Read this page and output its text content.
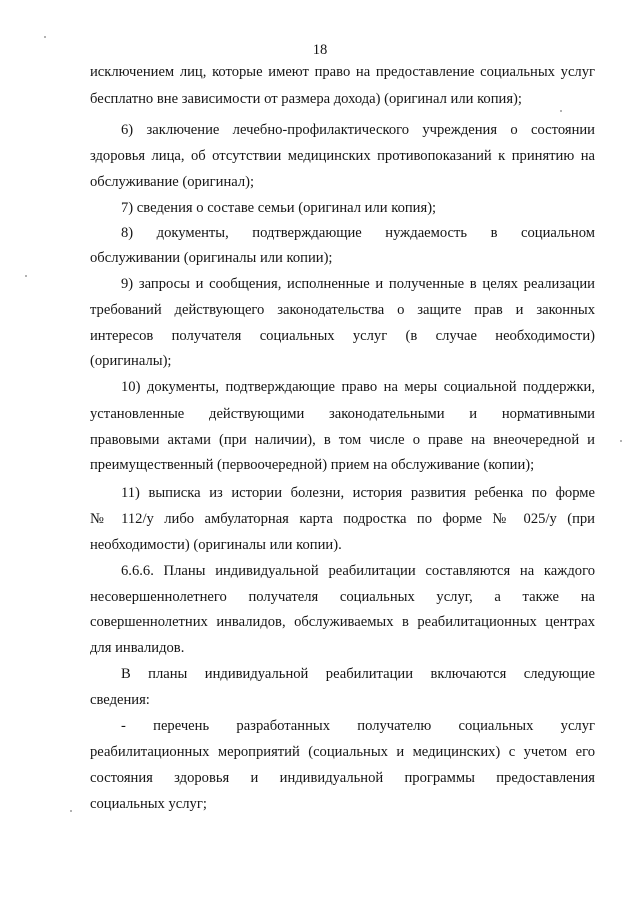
18
исключением лиц, которые имеют право на предоставление социальных услуг
бесплатно вне зависимости от размера дохода) (оригинал или копия);
6) заключение лечебно-профилактического учреждения о состоянии
здоровья лица, об отсутствии медицинских противопоказаний к принятию на
обслуживание (оригинал);
7) сведения о составе семьи (оригинал или копия);
8) документы, подтверждающие нуждаемость в социальном
обслуживании (оригиналы или копии);
9) запросы и сообщения, исполненные и полученные в целях реализации
требований действующего законодательства о защите прав и законных
интересов получателя социальных услуг (в случае необходимости)
(оригиналы);
10) документы, подтверждающие право на меры социальной поддержки,
установленные действующими законодательными и нормативными
правовыми актами (при наличии), в том числе о праве на внеочередной и
преимущественный (первоочередной) прием на обслуживание (копии);
11) выписка из истории болезни, история развития ребенка по форме
№ 112/у либо амбулаторная карта подростка по форме № 025/у (при
необходимости) (оригиналы или копии).
6.6.6. Планы индивидуальной реабилитации составляются на каждого
несовершеннолетнего получателя социальных услуг, а также на
совершеннолетних инвалидов, обслуживаемых в реабилитационных центрах
для инвалидов.
В планы индивидуальной реабилитации включаются следующие
сведения:
- перечень разработанных получателю социальных услуг
реабилитационных мероприятий (социальных и медицинских) с учетом его
состояния здоровья и индивидуальной программы предоставления
социальных услуг;
